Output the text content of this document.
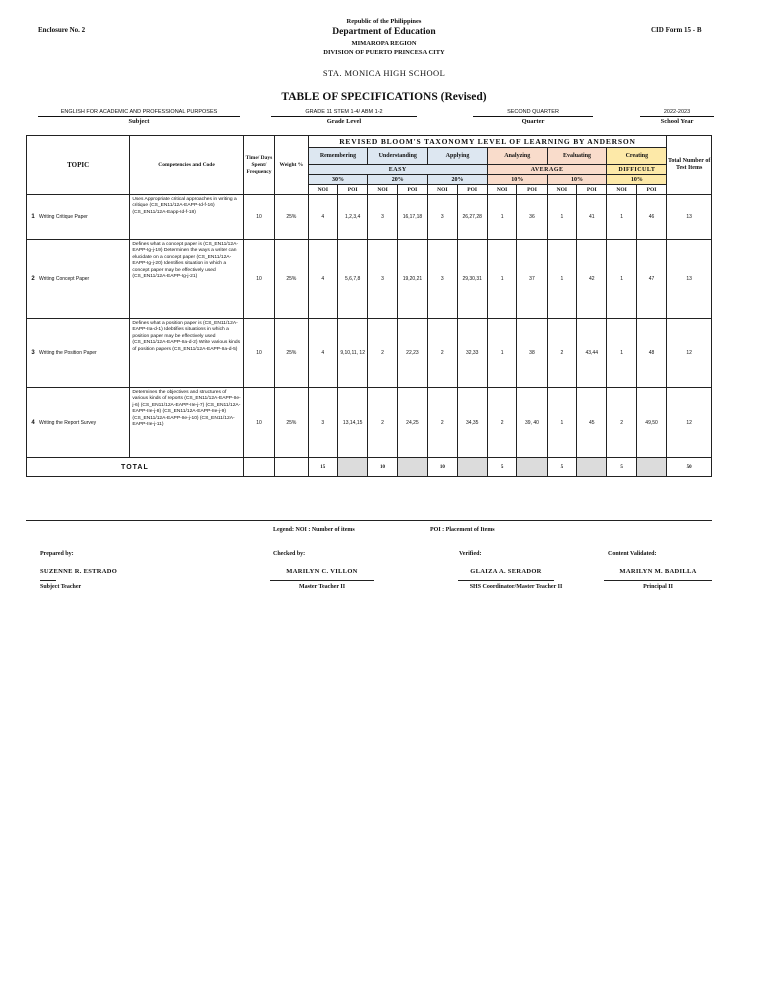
Enclosure No. 2	CID Form 15 - B
Republic of the Philippines
Department of Education
MIMAROPA REGION
DIVISION OF PUERTO PRINCESA CITY
STA. MONICA HIGH SCHOOL
TABLE OF SPECIFICATIONS (Revised)
ENGLISH FOR ACADEMIC AND PROFESSIONAL PURPOSES
Subject
GRADE 11 STEM 1-4/ ABM 1-2
Grade Level
SECOND QUARTER
Quarter
2022-2023
School Year
TOPIC	Competencies and Code	Time/ Days Spent/ Frequency	Weight %	REVISED BLOOM'S TAXONOMY LEVEL OF LEARNING BY ANDERSON												Total Number of Test Items
				Remembering		Understanding		Applying		Analyzing		Evaluating		Creating		
				EASY						AVERAGE				DIFFICULT		
				30%		20%		20%		10%		10%		10%		
				NOI	POI	NOI	POI	NOI	POI	NOI	POI	NOI	POI	NOI	POI	
1 Writing Critique Paper	Uses Appropriate critical approaches in writing a critique (CS_EN11/12A-EAPP-Id-f-16) (CS_EN11/12A-Eapp-Id-f-18)	10	25%	4	1,2,3,4	3	16,17,18	3	26,27,28	1	36	1	41	1	46	13
2 Writing Concept Paper	Defines what a concept paper is (CS_EN11/12A-EAPP-Ig-j-19) Determinen the ways a writer can elucidate on a concept paper (CS_EN11/12A-EAPP-Ig-j-20) Identifies situation in which a concept paper may be effectively used (CS_EN11/12A-EAPP-Ig-j-21)	10	25%	4	5,6,7,8	3	19,20,21	3	29,30,31	1	37	1	42	1	47	13
3 Writing the Position Paper	Defines what a position paper is (CS_EN11/12A-EAPP-IIa-d-1) Idebtifies situations in which a position paper may be effectively used (CS_EN11/12A-EAPP-IIa-d-2) Write various kinds of position papers (CS_EN11/12A-EAPP-IIa-d-5)	10	25%	4	9,10,11, 12	2	22,23	2	32,33	1	38	2	43,44	1	48	12
4 Writing the Report Survey	Determines the objectives and structures of various kinds of reports (CS_EN11/12A-EAPP-IIe-j-6) (CS_EN11/12A-EAPP-IIe-j-7) (CS_EN11/12A-EAPP-IIe-j-8) (CS_EN11/12A-EAPP-IIe-j-9) (CS_EN11/12A-EAPP-IIe-j-10) (CS_EN11/12A-EAPP-IIe-j-11)	10	25%	3	13,14,15	2	24,25	2	34,35	2	39, 40	1	45	2	49,50	12
TOTAL				15		10		10		5		5		5		50
Legend: NOI : Number of items	POI : Placement of Items
Prepared by:	Checked by:	Verified:	Content Validated:
SUZENNE R. ESTRADO
Subject Teacher
MARILYN C. VILLON
Master Teacher II
GLAIZA A. SERADOR
SHS Coordinator/Master Teacher II
MARILYN M. BADILLA
Principal II
